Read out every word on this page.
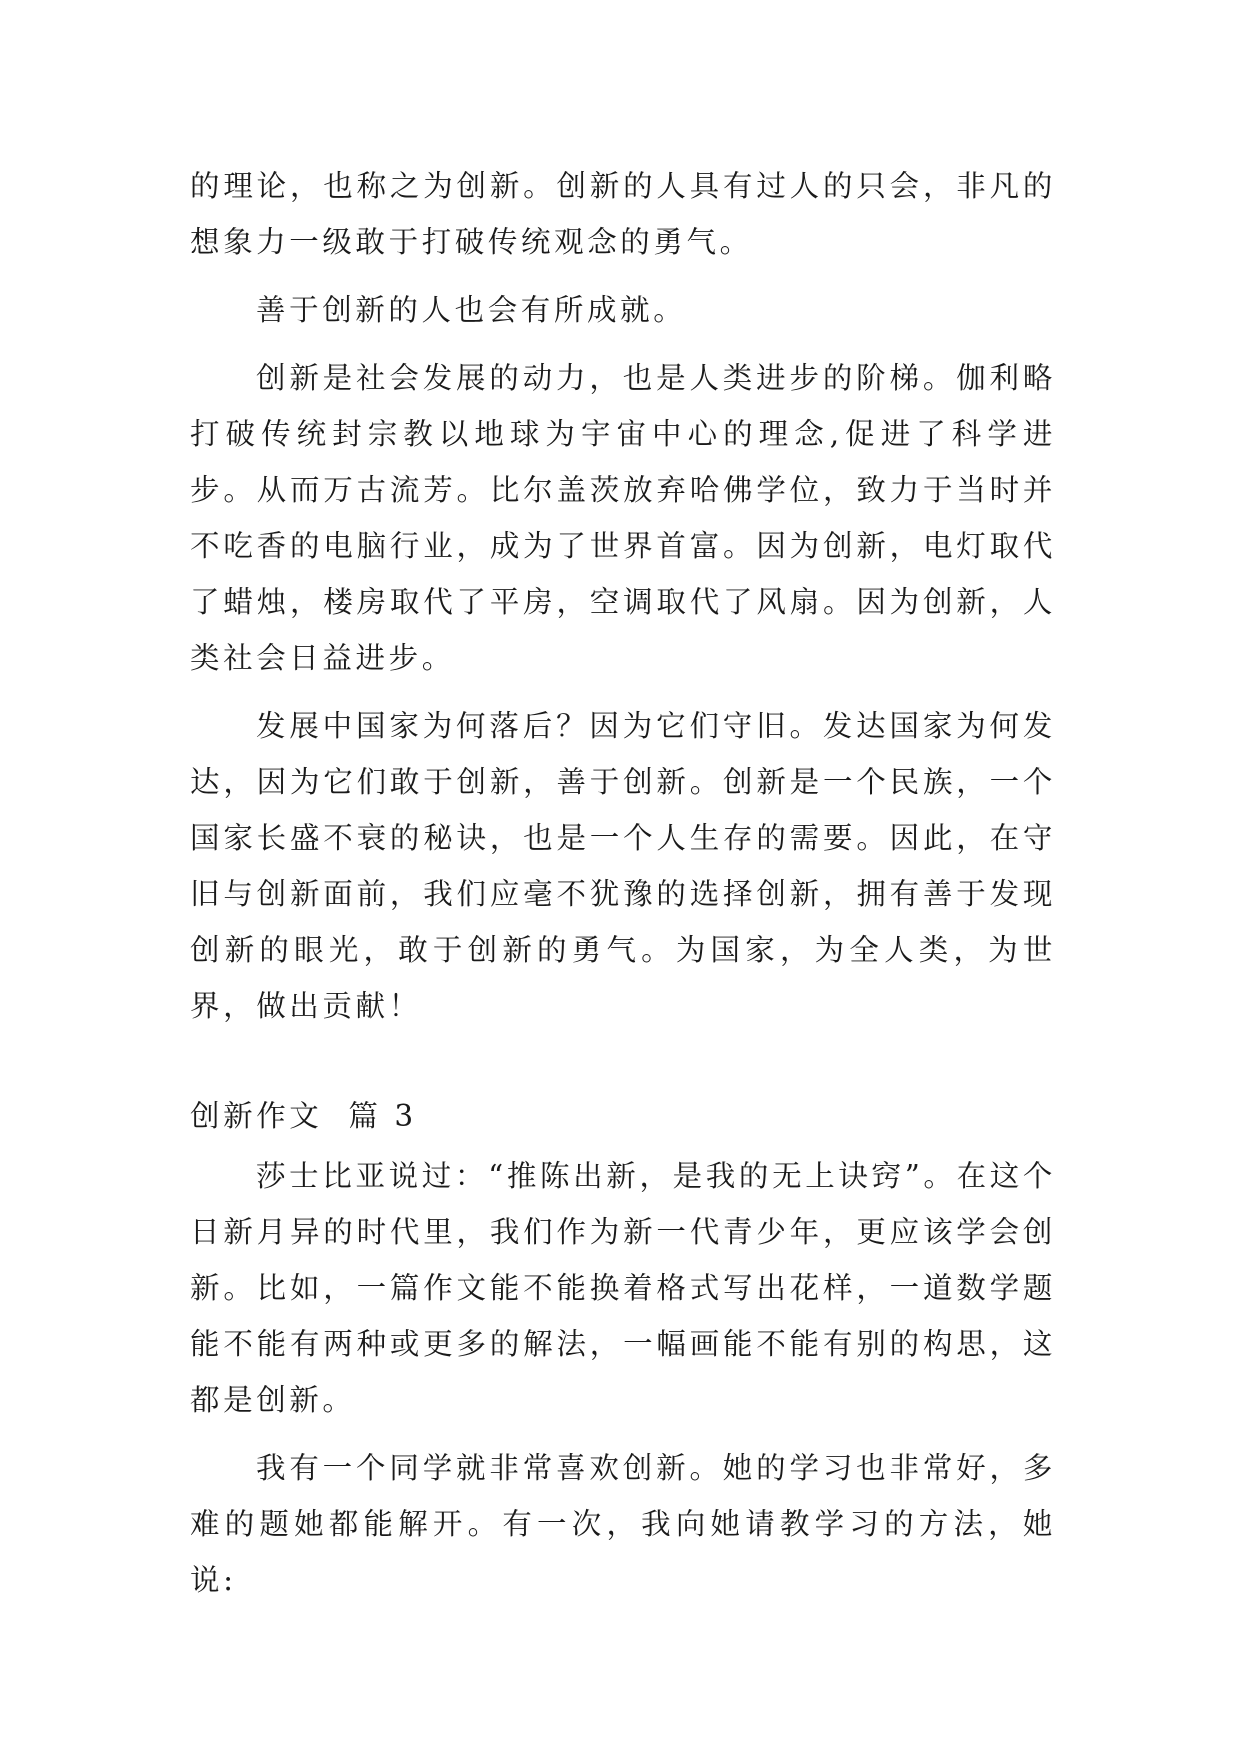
的理论，也称之为创新。创新的人具有过人的只会，非凡的想象力一级敢于打破传统观念的勇气。

善于创新的人也会有所成就。

创新是社会发展的动力，也是人类进步的阶梯。伽利略打破传统封宗教以地球为宇宙中心的理念,促进了科学进步。从而万古流芳。比尔盖茨放弃哈佛学位，致力于当时并不吃香的电脑行业，成为了世界首富。因为创新，电灯取代了蜡烛，楼房取代了平房，空调取代了风扇。因为创新，人类社会日益进步。

发展中国家为何落后？因为它们守旧。发达国家为何发达，因为它们敢于创新，善于创新。创新是一个民族，一个国家长盛不衰的秘诀，也是一个人生存的需要。因此，在守旧与创新面前，我们应毫不犹豫的选择创新，拥有善于发现创新的眼光，敢于创新的勇气。为国家，为全人类，为世界，做出贡献！

创新作文  篇 3

莎士比亚说过：“推陈出新，是我的无上诀窍”。在这个日新月异的时代里，我们作为新一代青少年，更应该学会创新。比如，一篇作文能不能换着格式写出花样，一道数学题能不能有两种或更多的解法，一幅画能不能有别的构思，这都是创新。

我有一个同学就非常喜欢创新。她的学习也非常好，多难的题她都能解开。有一次，我向她请教学习的方法，她说:
